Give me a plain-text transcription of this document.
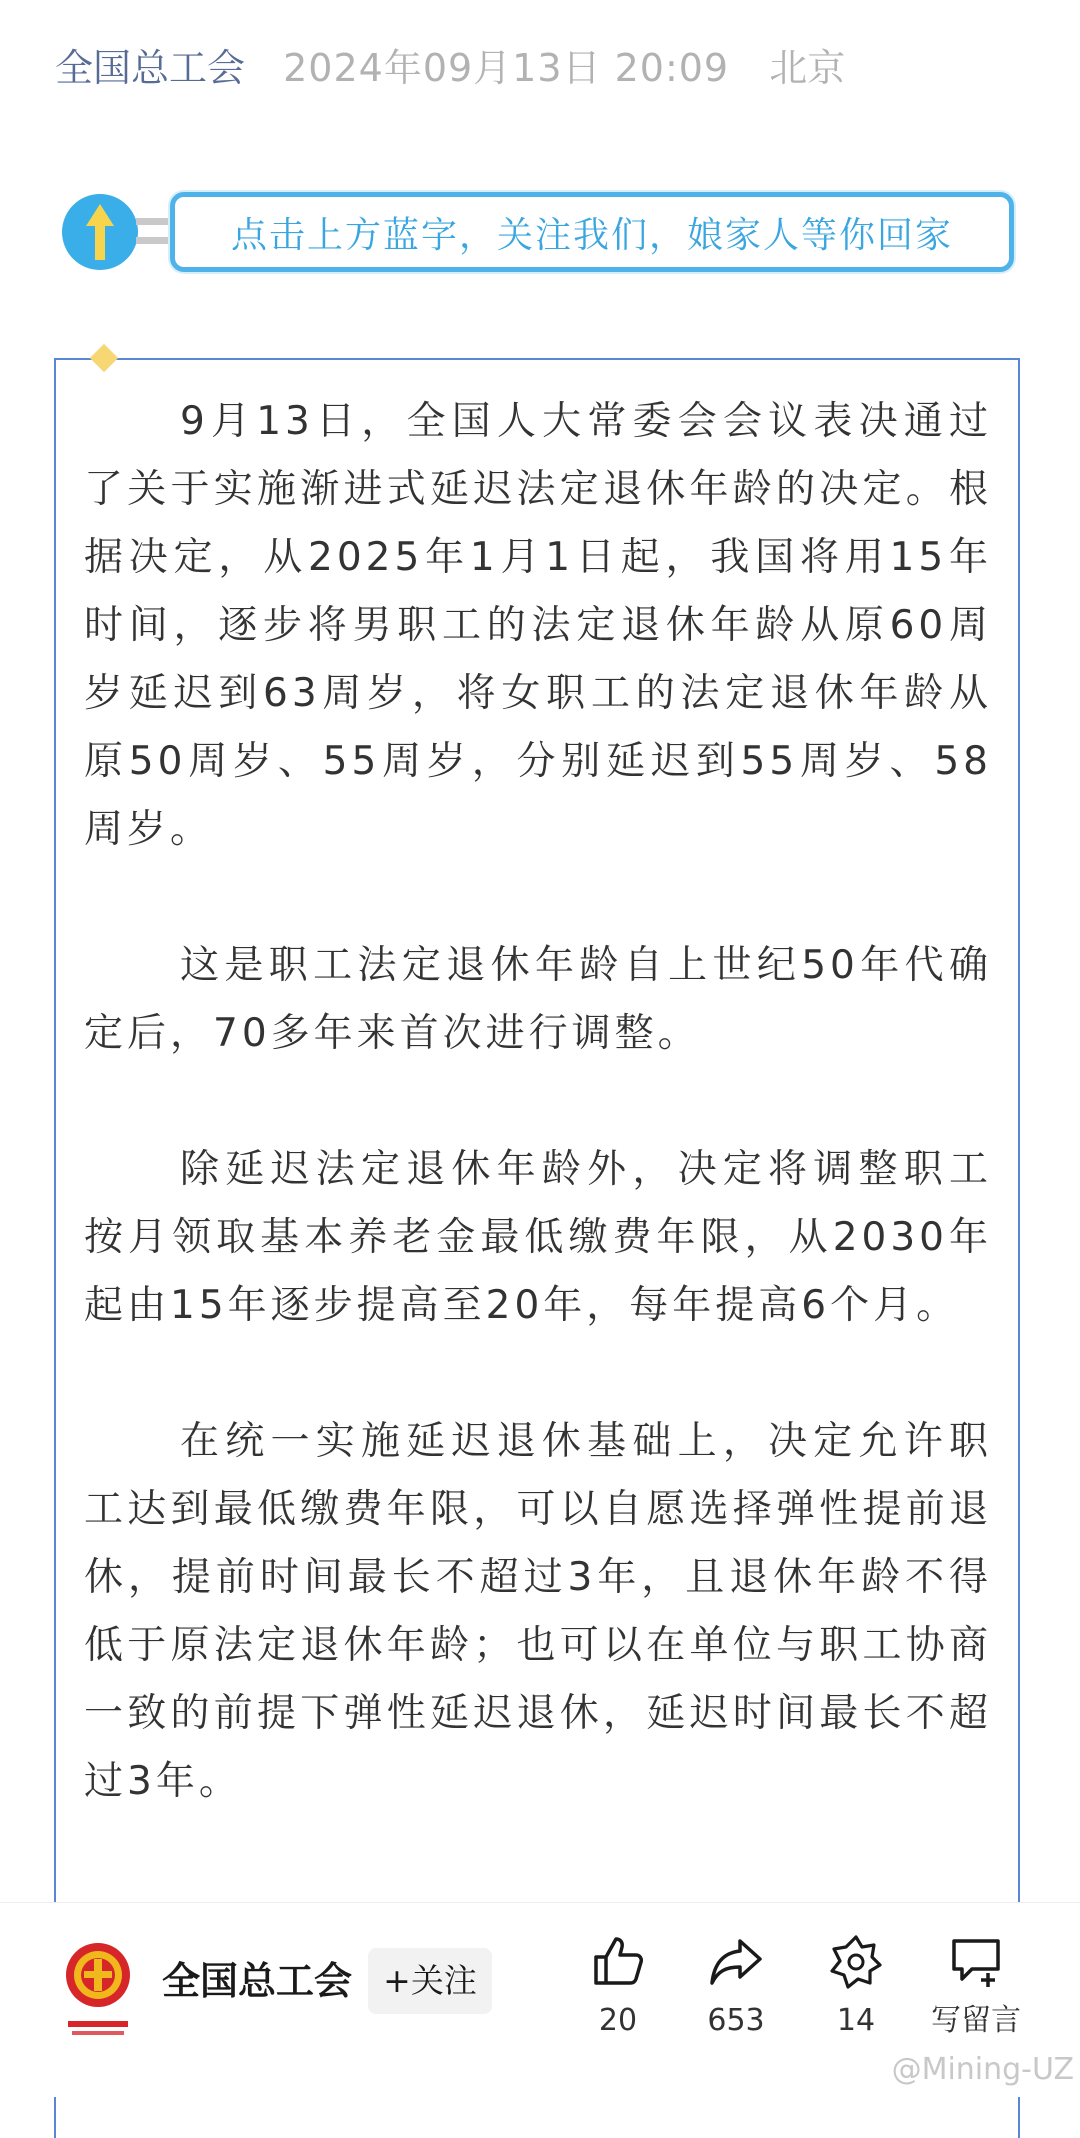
全国总工会 2024年09月13日 20:09 北京
点击上方蓝字，关注我们，娘家人等你回家

9月13日，全国人大常委会会议表决通过了关于实施渐进式延迟法定退休年龄的决定。根据决定，从2025年1月1日起，我国将用15年时间，逐步将男职工的法定退休年龄从原60周岁延迟到63周岁，将女职工的法定退休年龄从原50周岁、55周岁，分别延迟到55周岁、58周岁。

这是职工法定退休年龄自上世纪50年代确定后，70多年来首次进行调整。

除延迟法定退休年龄外，决定将调整职工按月领取基本养老金最低缴费年限，从2030年起由15年逐步提高至20年，每年提高6个月。

在统一实施延迟退休基础上，决定允许职工达到最低缴费年限，可以自愿选择弹性提前退休，提前时间最长不超过3年，且退休年龄不得低于原法定退休年龄；也可以在单位与职工协商一致的前提下弹性延迟退休，延迟时间最长不超过3年。

全国总工会 +关注
20	653	14	写留言
@Mining-UZ
